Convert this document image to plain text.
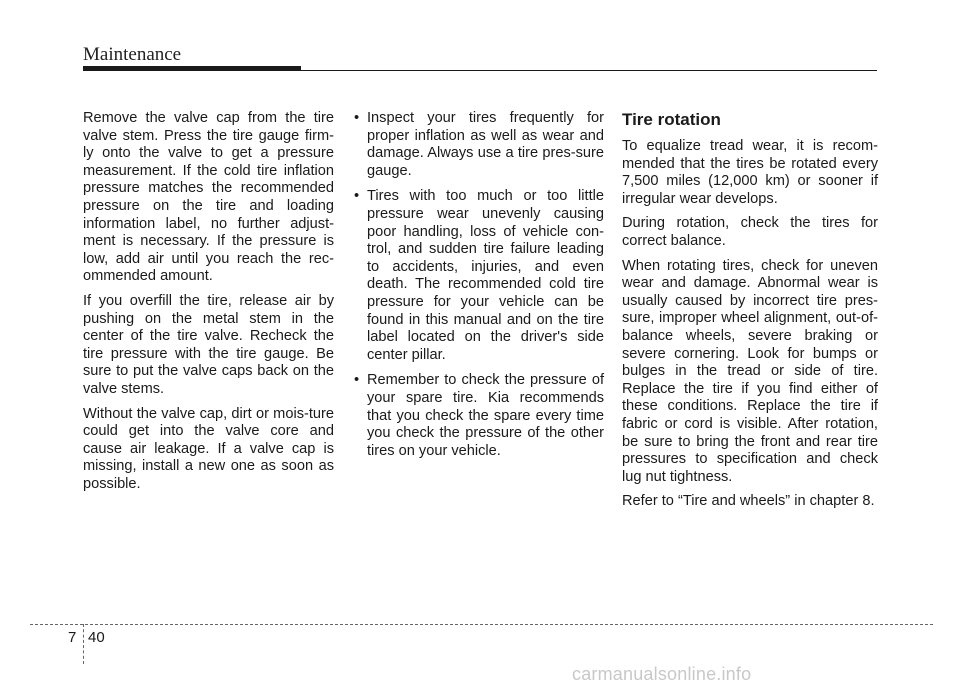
Maintenance

Remove the valve cap from the tire valve stem. Press the tire gauge firm-ly onto the valve to get a pressure measurement. If the cold tire inflation pressure matches the recommended pressure on the tire and loading information label, no further adjust-ment is necessary. If the pressure is low, add air until you reach the rec-ommended amount.

If you overfill the tire, release air by pushing on the metal stem in the center of the tire valve. Recheck the tire pressure with the tire gauge. Be sure to put the valve caps back on the valve stems.

Without the valve cap, dirt or mois-ture could get into the valve core and cause air leakage. If a valve cap is missing, install a new one as soon as possible.

• Inspect your tires frequently for proper inflation as well as wear and damage. Always use a tire pres-sure gauge.
• Tires with too much or too little pressure wear unevenly causing poor handling, loss of vehicle con-trol, and sudden tire failure leading to accidents, injuries, and even death. The recommended cold tire pressure for your vehicle can be found in this manual and on the tire label located on the driver's side center pillar.
• Remember to check the pressure of your spare tire. Kia recommends that you check the spare every time you check the pressure of the other tires on your vehicle.
Tire rotation

To equalize tread wear, it is recom-mended that the tires be rotated every 7,500 miles (12,000 km) or sooner if irregular wear develops.

During rotation, check the tires for correct balance.

When rotating tires, check for uneven wear and damage. Abnormal wear is usually caused by incorrect tire pres-sure, improper wheel alignment, out-of-balance wheels, severe braking or severe cornering. Look for bumps or bulges in the tread or side of tire. Replace the tire if you find either of these conditions. Replace the tire if fabric or cord is visible. After rotation, be sure to bring the front and rear tire pressures to specification and check lug nut tightness.

Refer to “Tire and wheels” in chapter 8.

7 40
carmanualsonline.info
